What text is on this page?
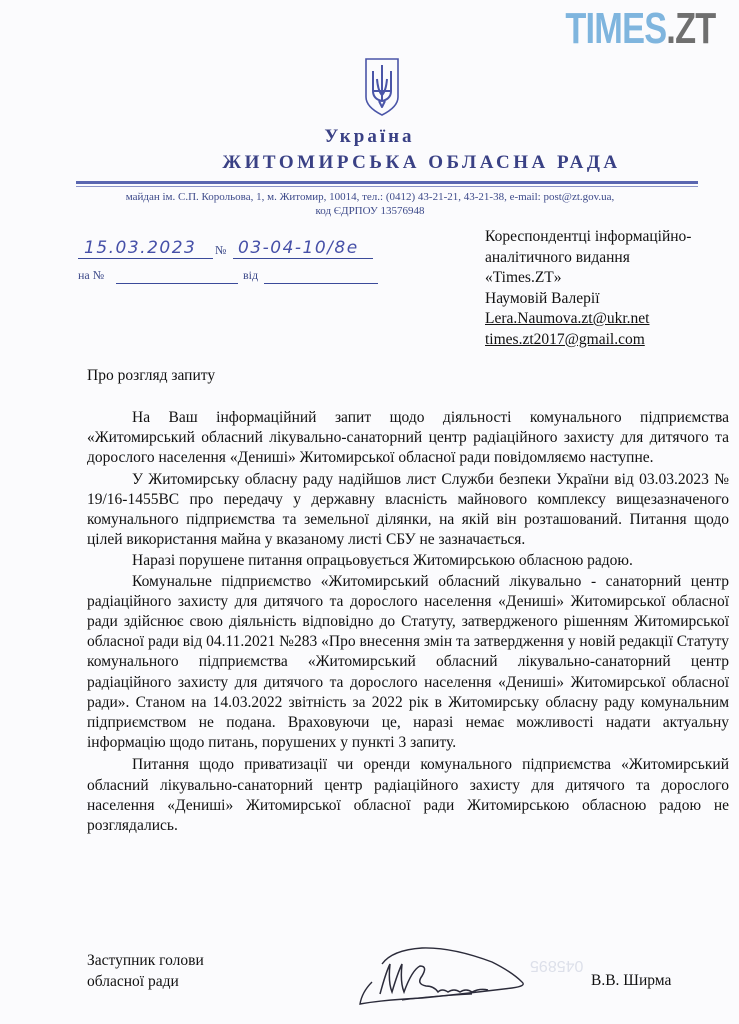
TIMES.ZT
Україна
ЖИТОМИРСЬКА ОБЛАСНА РАДА
майдан ім. С.П. Корольова, 1, м. Житомир, 10014, тел.: (0412) 43-21-21, 43-21-38, e-mail: post@zt.gov.ua,
код ЄДРПОУ 13576948
15.03.2023 № 03-04-10/8е
на №	від
Кореспондентці інформаційно-
аналітичного видання
«Times.ZT»
Наумовій Валерії
Lera.Naumova.zt@ukr.net
times.zt2017@gmail.com
Про розгляд запиту

На Ваш інформаційний запит щодо діяльності комунального підприємства «Житомирський обласний лікувально-санаторний центр радіаційного захисту для дитячого та дорослого населення «Дениші» Житомирської обласної ради повідомляємо наступне.

У Житомирську обласну раду надійшов лист Служби безпеки України від 03.03.2023 № 19/16-1455ВС про передачу у державну власність майнового комплексу вищезазначеного комунального підприємства та земельної ділянки, на якій він розташований. Питання щодо цілей використання майна у вказаному листі СБУ не зазначається.

Наразі порушене питання опрацьовується Житомирською обласною радою.

Комунальне підприємство «Житомирський обласний лікувально - санаторний центр радіаційного захисту для дитячого та дорослого населення «Дениші» Житомирської обласної ради здійснює свою діяльність відповідно до Статуту, затвердженого рішенням Житомирської обласної ради від 04.11.2021 №283 «Про внесення змін та затвердження у новій редакції Статуту комунального підприємства «Житомирський обласний лікувально-санаторний центр радіаційного захисту для дитячого та дорослого населення «Дениші» Житомирської обласної ради». Станом на 14.03.2022 звітність за 2022 рік в Житомирську обласну раду комунальним підприємством не подана. Враховуючи це, наразі немає можливості надати актуальну інформацію щодо питань, порушених у пункті 3 запиту.

Питання щодо приватизації чи оренди комунального підприємства «Житомирський обласний лікувально-санаторний центр радіаційного захисту для дитячого та дорослого населення «Дениші» Житомирської обласної ради Житомирською обласною радою не розглядались.

Заступник голови
обласної ради
045895
В.В. Ширма
